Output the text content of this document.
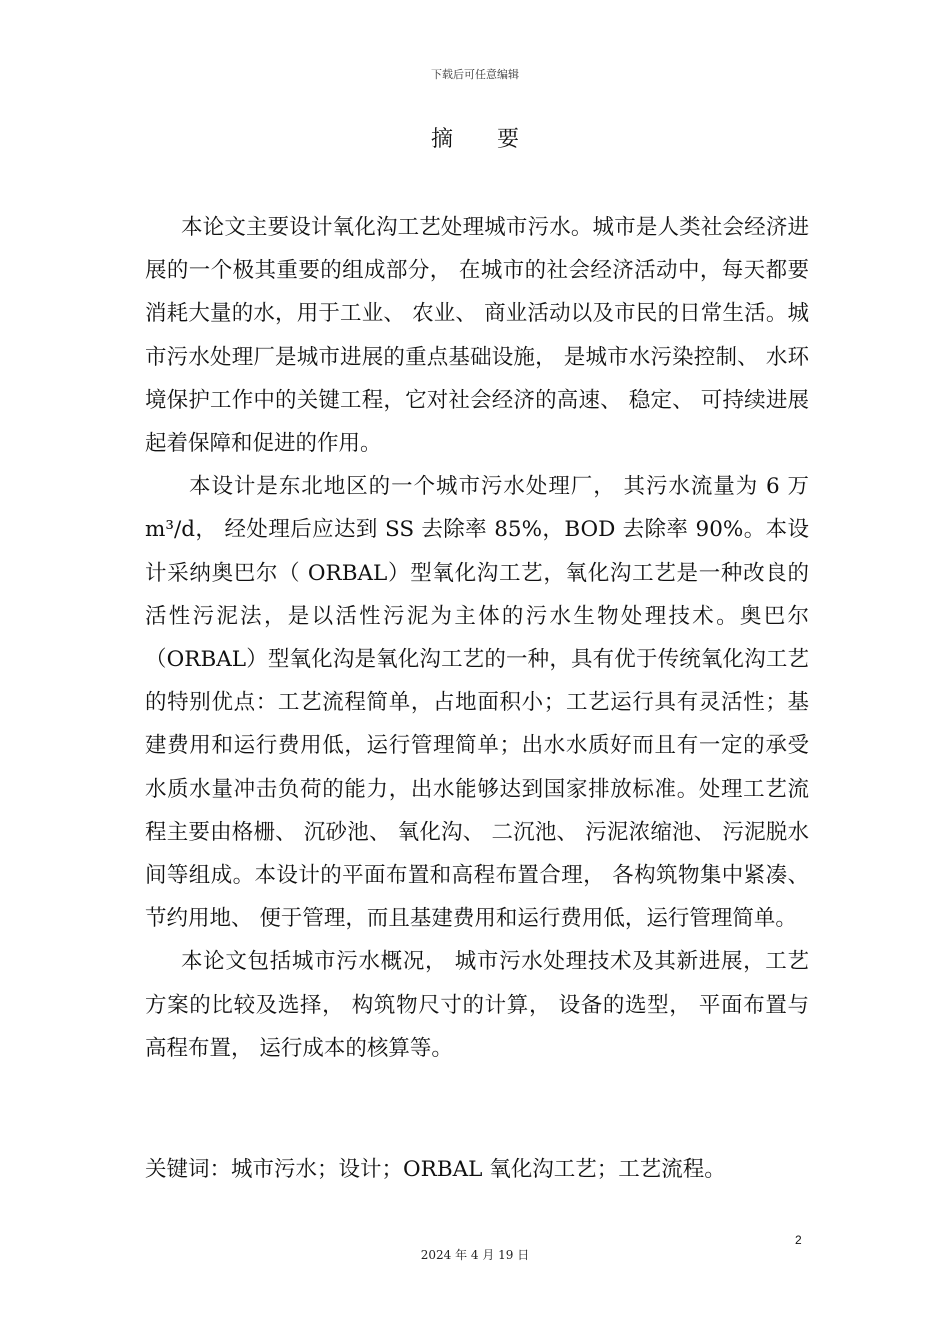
下载后可任意编辑
摘 要

本论文主要设计氧化沟工艺处理城市污水。城市是人类社会经济进展的一个极其重要的组成部分， 在城市的社会经济活动中，每天都要消耗大量的水，用于工业、 农业、 商业活动以及市民的日常生活。城市污水处理厂是城市进展的重点基础设施， 是城市水污染控制、 水环境保护工作中的关键工程，它对社会经济的高速、 稳定、 可持续进展起着保障和促进的作用。

本设计是东北地区的一个城市污水处理厂， 其污水流量为 6 万 m³/d， 经处理后应达到 SS 去除率 85%，BOD 去除率 90%。本设计采纳奥巴尔（ ORBAL）型氧化沟工艺，氧化沟工艺是一种改良的活性污泥法，是以活性污泥为主体的污水生物处理技术。奥巴尔（ORBAL）型氧化沟是氧化沟工艺的一种，具有优于传统氧化沟工艺的特别优点：工艺流程简单，占地面积小；工艺运行具有灵活性；基建费用和运行费用低，运行管理简单；出水水质好而且有一定的承受水质水量冲击负荷的能力，出水能够达到国家排放标准。处理工艺流程主要由格栅、 沉砂池、 氧化沟、 二沉池、 污泥浓缩池、 污泥脱水间等组成。本设计的平面布置和高程布置合理， 各构筑物集中紧凑、 节约用地、 便于管理，而且基建费用和运行费用低，运行管理简单。

本论文包括城市污水概况， 城市污水处理技术及其新进展，工艺方案的比较及选择， 构筑物尺寸的计算， 设备的选型， 平面布置与高程布置， 运行成本的核算等。

关键词：城市污水；设计；ORBAL 氧化沟工艺；工艺流程。

2
2024 年 4 月 19 日
